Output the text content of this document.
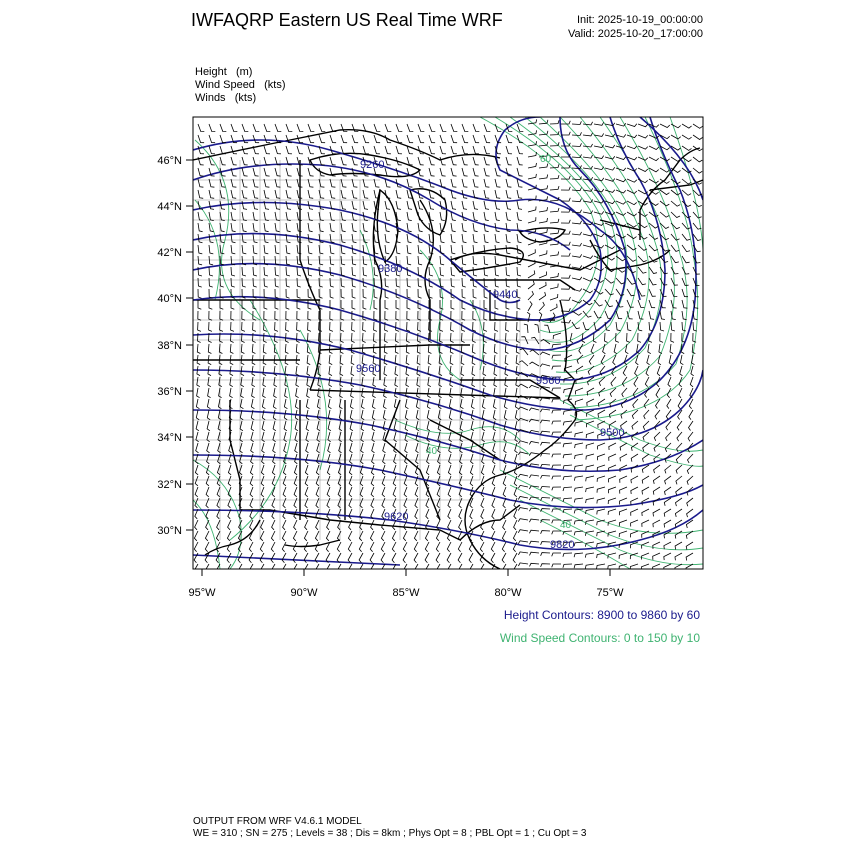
IWFAQRP Eastern US Real Time WRF	Init: 2025-10-19_00:00:00
Valid: 2025-10-20_17:00:00
Height (m)
Wind Speed (kts)
Winds (kts)
9260
9380
9440
9560
9560
9500
9620
9820
60
40
40
46°N
44°N
42°N
40°N
38°N
36°N
34°N
32°N
30°N
95°W	90°W	85°W	80°W	75°W
Height Contours: 8900 to 9860 by 60
Wind Speed Contours: 0 to 150 by 10
OUTPUT FROM WRF V4.6.1 MODEL
WE = 310 ; SN = 275 ; Levels = 38 ; Dis = 8km ; Phys Opt = 8 ; PBL Opt = 1 ; Cu Opt = 3
